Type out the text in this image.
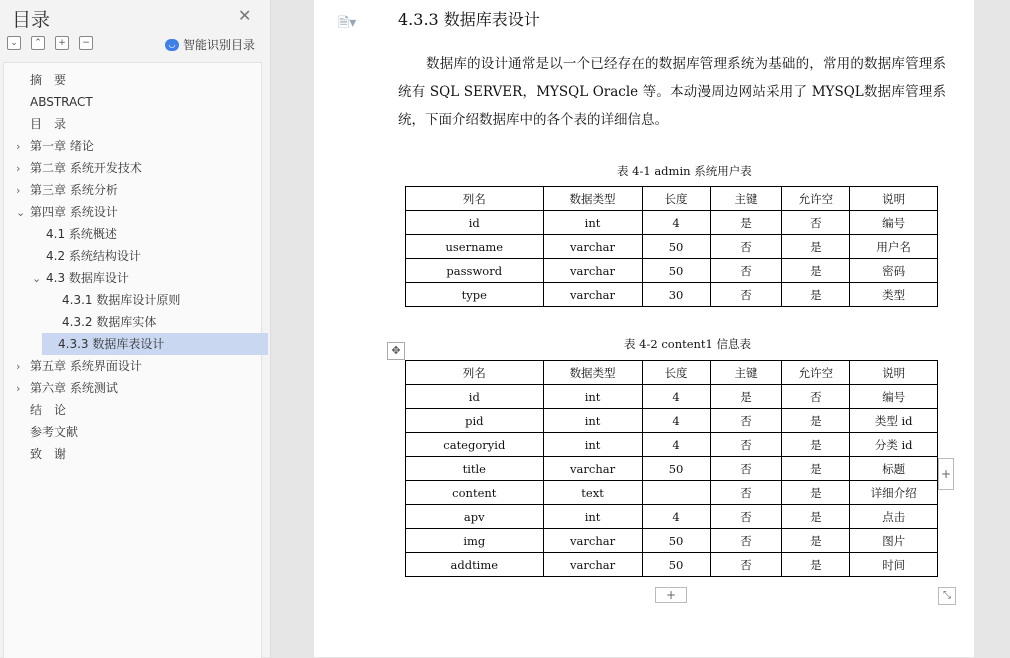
目录	✕
⌄	⌃	+	−	◡ 智能识别目录
摘　要
ABSTRACT
目　录
› 第一章 绪论
› 第二章 系统开发技术
› 第三章 系统分析
⌄ 第四章 系统设计
4.1 系统概述
4.2 系统结构设计
⌄ 4.3 数据库设计
4.3.1 数据库设计原则
4.3.2 数据库实体
4.3.3 数据库表设计
› 第五章 系统界面设计
› 第六章 系统测试
结　论
参考文献
致　谢
🗎▾	4.3.3 数据库表设计
数据库的设计通常是以一个已经存在的数据库管理系统为基础的，常用的数据库管理系统有 SQL SERVER，MYSQL Oracle 等。本动漫周边网站采用了 MYSQL数据库管理系统，下面介绍数据库中的各个表的详细信息。
表 4-1 admin 系统用户表
列名	数据类型	长度	主键	允许空	说明
id	int	4	是	否	编号
username	varchar	50	否	是	用户名
password	varchar	50	否	是	密码
type	varchar	30	否	是	类型
✥	表 4-2 content1 信息表
列名	数据类型	长度	主键	允许空	说明
id	int	4	是	否	编号
pid	int	4	否	是	类型 id
categoryid	int	4	否	是	分类 id
title	varchar	50	否	是	标题
content	text		否	是	详细介绍
apv	int	4	否	是	点击
img	varchar	50	否	是	图片
addtime	varchar	50	否	是	时间
+
+	⤡
